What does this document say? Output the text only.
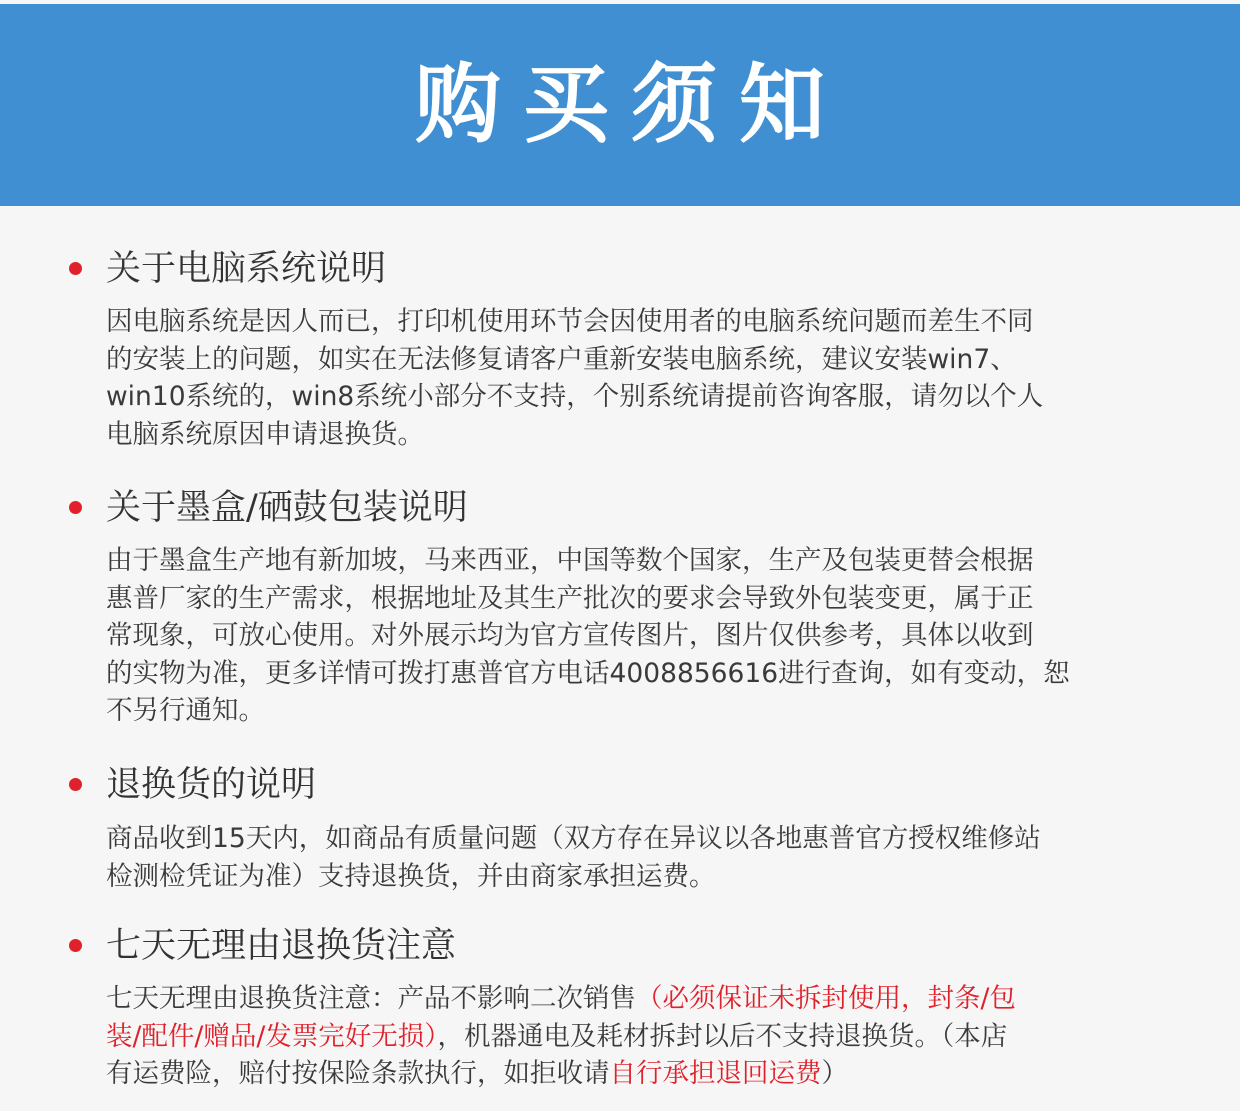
购买须知
关于电脑系统说明
因电脑系统是因人而已，打印机使用环节会因使用者的电脑系统问题而差生不同
的安装上的问题，如实在无法修复请客户重新安装电脑系统，建议安装win7、
win10系统的，win8系统小部分不支持，个别系统请提前咨询客服，请勿以个人
电脑系统原因申请退换货。
关于墨盒/硒鼓包装说明
由于墨盒生产地有新加坡，马来西亚，中国等数个国家，生产及包装更替会根据
惠普厂家的生产需求，根据地址及其生产批次的要求会导致外包装变更，属于正
常现象，可放心使用。对外展示均为官方宣传图片，图片仅供参考，具体以收到
的实物为准，更多详情可拨打惠普官方电话4008856616进行查询，如有变动，恕
不另行通知。
退换货的说明
商品收到15天内，如商品有质量问题（双方存在异议以各地惠普官方授权维修站
检测检凭证为准）支持退换货，并由商家承担运费。
七天无理由退换货注意
七天无理由退换货注意：产品不影响二次销售（必须保证未拆封使用，封条/包
装/配件/赠品/发票完好无损），机器通电及耗材拆封以后不支持退换货。（本店
有运费险，赔付按保险条款执行，如拒收请自行承担退回运费）
